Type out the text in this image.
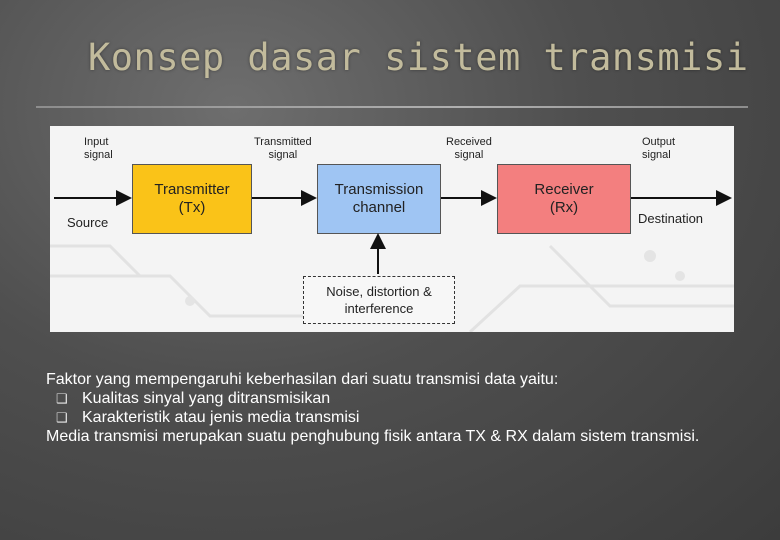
Konsep dasar sistem transmisi
Input
signal
Transmitted
signal
Received
signal
Output
signal
Source	Destination
Transmitter
(Tx)
Transmission
channel
Receiver
(Rx)
Noise, distortion &
interference
Faktor yang mempengaruhi keberhasilan dari suatu transmisi data yaitu:
❑ Kualitas sinyal yang ditransmisikan
❑ Karakteristik atau jenis media transmisi
Media transmisi merupakan suatu penghubung fisik antara TX & RX dalam sistem transmisi.
